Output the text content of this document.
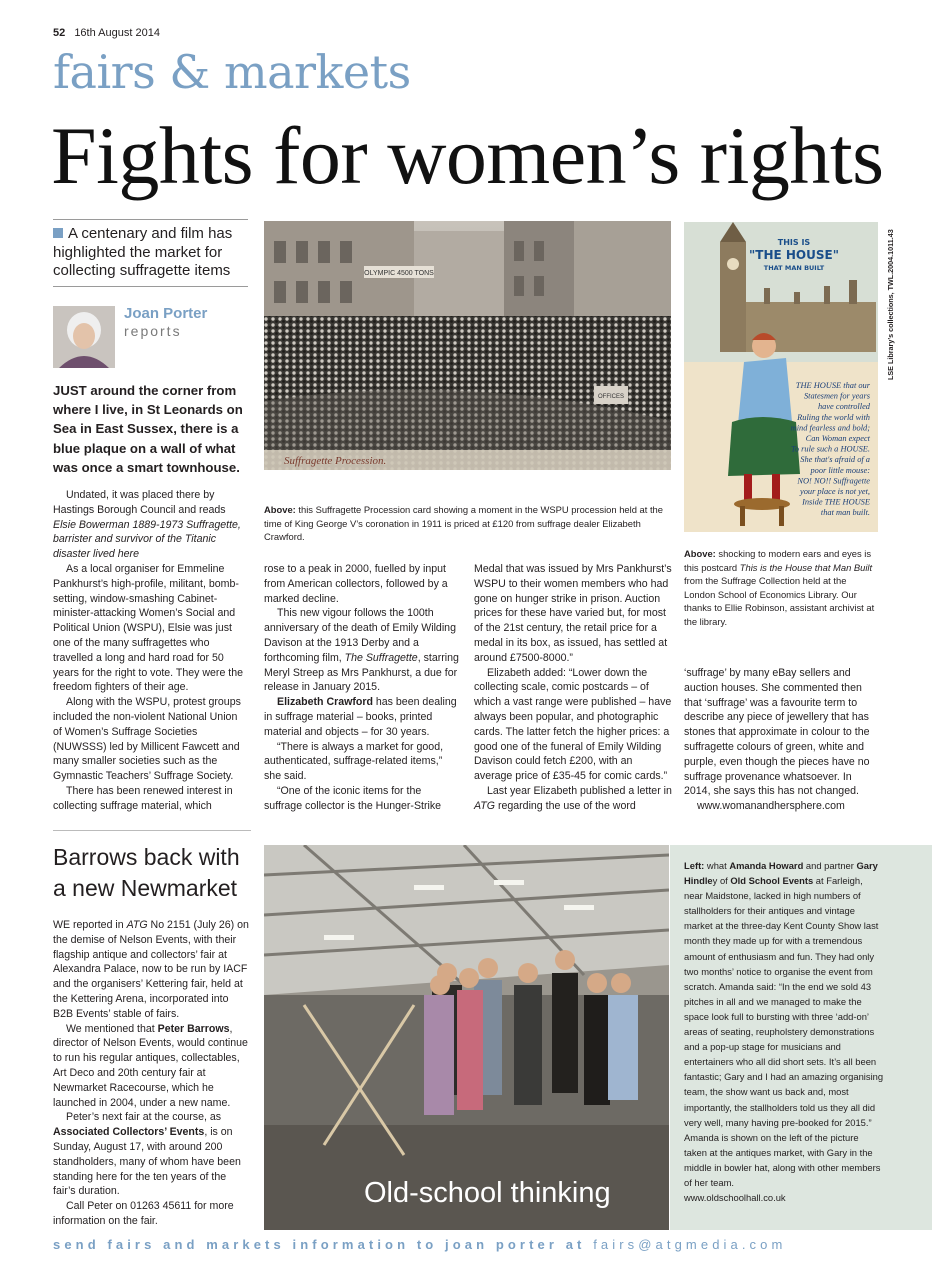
52 16th August 2014
fairs & markets
Fights for women’s rights
A centenary and film has highlighted the market for collecting suffragette items
Joan Porter
reports

JUST around the corner from where I live, in St Leonards on Sea in East Sussex, there is a blue plaque on a wall of what was once a smart townhouse.

Undated, it was placed there by Hastings Borough Council and reads Elsie Bowerman 1889-1973 Suffragette, barrister and survivor of the Titanic disaster lived here

As a local organiser for Emmeline Pankhurst’s high-profile, militant, bomb-setting, window-smashing Cabinet-minister-attacking Women’s Social and Political Union (WSPU), Elsie was just one of the many suffragettes who travelled a long and hard road for 50 years for the right to vote. They were the freedom fighters of their age.

Along with the WSPU, protest groups included the non-violent National Union of Women’s Suffrage Societies (NUWSSS) led by Millicent Fawcett and many smaller societies such as the Gymnastic Teachers’ Suffrage Society.

There has been renewed interest in collecting suffrage material, which

rose to a peak in 2000, fuelled by input from American collectors, followed by a marked decline.

This new vigour follows the 100th anniversary of the death of Emily Wilding Davison at the 1913 Derby and a forthcoming film, The Suffragette, starring Meryl Streep as Mrs Pankhurst, a due for release in January 2015.

Elizabeth Crawford has been dealing in suffrage material – books, printed material and objects – for 30 years.

“There is always a market for good, authenticated, suffrage-related items,” she said.

“One of the iconic items for the suffrage collector is the Hunger-Strike

Medal that was issued by Mrs Pankhurst’s WSPU to their women members who had gone on hunger strike in prison. Auction prices for these have varied but, for most of the 21st century, the retail price for a medal in its box, as issued, has settled at around £7500-8000.”

Elizabeth added: “Lower down the collecting scale, comic postcards – of which a vast range were published – have always been popular, and photographic cards. The latter fetch the higher prices: a good one of the funeral of Emily Wilding Davison could fetch £200, with an average price of £35-45 for comic cards.”

Last year Elizabeth published a letter in ATG regarding the use of the word

‘suffrage’ by many eBay sellers and auction houses. She commented then that ‘suffrage’ was a favourite term to describe any piece of jewellery that has stones that approximate in colour to the suffragette colours of green, white and purple, even though the pieces have no suffrage provenance whatsoever. In 2014, she says this has not changed.

www.womanandhersphere.com

OLYMPIC 4500 TONS
OFFICES
Suffragette Procession.

Above: this Suffragette Procession card showing a moment in the WSPU procession held at the time of King George V’s coronation in 1911 is priced at £120 from suffrage dealer Elizabeth Crawford.

THIS IS
"THE HOUSE"
THAT MAN BUILT
THE HOUSE that our
Statesmen for years
have controlled
Ruling the world with
mind fearless and bold;
Can Woman expect
To rule such a HOUSE.
She that's afraid of a
poor little mouse:
NO! NO!! Suffragette
your place is not yet,
Inside THE HOUSE
that man built.
LSE Library’s collections, TWL.2004.1011.43

Above: shocking to modern ears and eyes is this postcard This is the House that Man Built from the Suffrage Collection held at the London School of Economics Library. Our thanks to Ellie Robinson, assistant archivist at the library.

Barrows back with a new Newmarket

WE reported in ATG No 2151 (July 26) on the demise of Nelson Events, with their flagship antique and collectors’ fair at Alexandra Palace, now to be run by IACF and the organisers’ Kettering fair, held at the Kettering Arena, incorporated into B2B Events’ stable of fairs.

We mentioned that Peter Barrows, director of Nelson Events, would continue to run his regular antiques, collectables, Art Deco and 20th century fair at Newmarket Racecourse, which he launched in 2004, under a new name.

Peter’s next fair at the course, as Associated Collectors’ Events, is on Sunday, August 17, with around 200 standholders, many of whom have been standing here for the ten years of the fair’s duration.

Call Peter on 01263 45611 for more information on the fair.

Old-school thinking

Left: what Amanda Howard and partner Gary Hindley of Old School Events at Farleigh, near Maidstone, lacked in high numbers of stallholders for their antiques and vintage market at the three-day Kent County Show last month they made up for with a tremendous amount of enthusiasm and fun. They had only two months’ notice to organise the event from scratch. Amanda said: “In the end we sold 43 pitches in all and we managed to make the space look full to bursting with three ‘add-on’ areas of seating, reupholstery demonstrations and a pop-up stage for musicians and entertainers who all did short sets. It’s all been fantastic; Gary and I had an amazing organising team, the show want us back and, most importantly, the stallholders told us they all did very well, many having pre-booked for 2015.”

Amanda is shown on the left of the picture taken at the antiques market, with Gary in the middle in bowler hat, along with other members of her team.

www.oldschoolhall.co.uk

send fairs and markets information to joan porter at fairs@atgmedia.com
